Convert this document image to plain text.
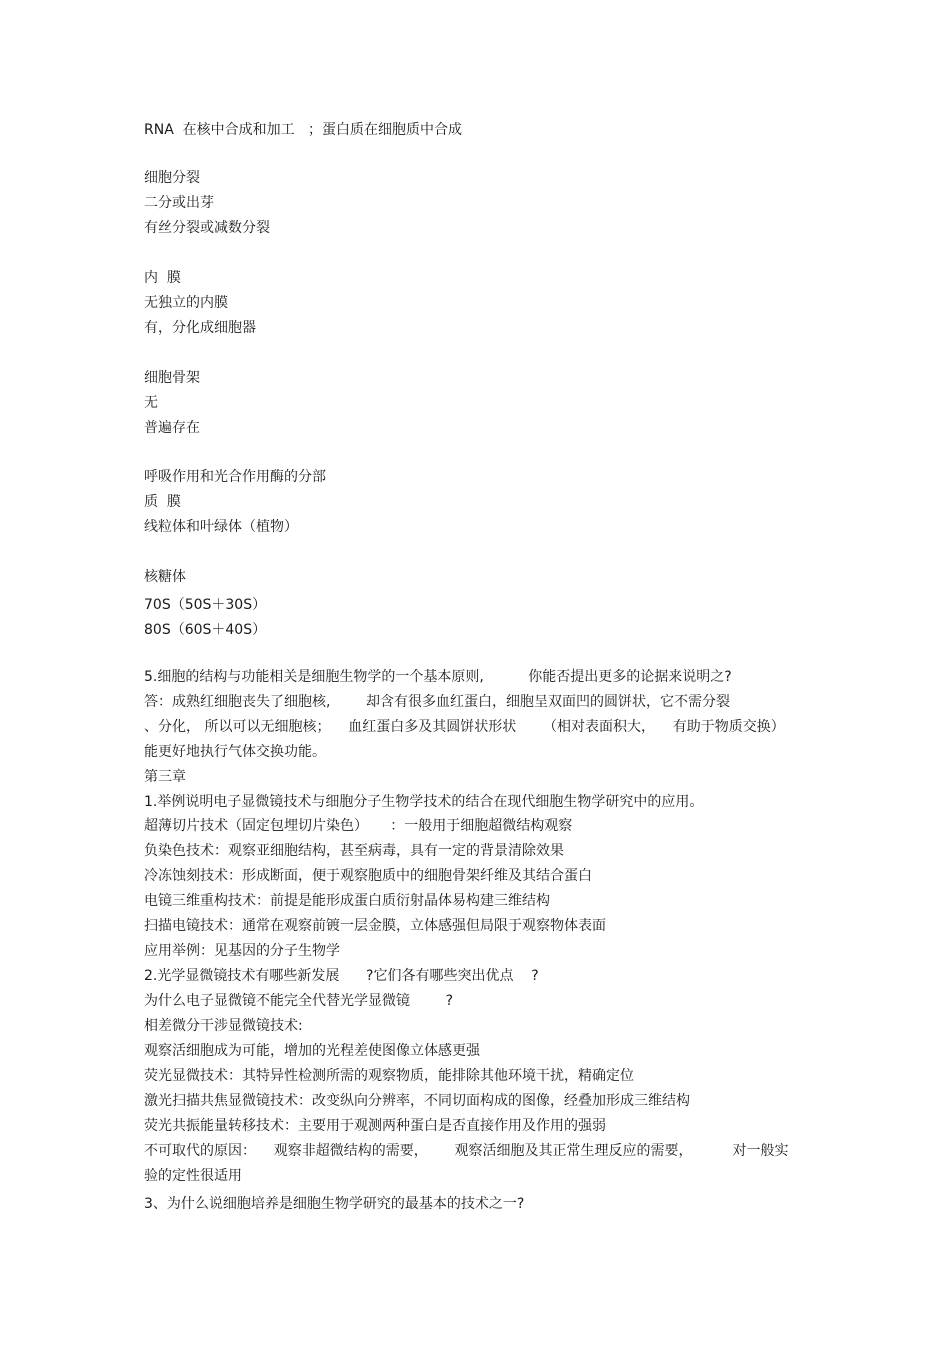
RNA  在核中合成和加工   ；蛋白质在细胞质中合成
细胞分裂
二分或出芽
有丝分裂或减数分裂
内  膜
无独立的内膜
有，分化成细胞器
细胞骨架
无
普遍存在
呼吸作用和光合作用酶的分部
质  膜
线粒体和叶绿体（植物）
核糖体
70S（50S＋30S）
80S（60S＋40S）
5.细胞的结构与功能相关是细胞生物学的一个基本原则,          你能否提出更多的论据来说明之?
答：成熟红细胞丧失了细胞核,        却含有很多血红蛋白，细胞呈双面凹的圆饼状，它不需分裂
、分化， 所以可以无细胞核；    血红蛋白多及其圆饼状形状      （相对表面积大，    有助于物质交换）
能更好地执行气体交换功能。
第三章
1.举例说明电子显微镜技术与细胞分子生物学技术的结合在现代细胞生物学研究中的应用。
超薄切片技术（固定包埋切片染色）     ：一般用于细胞超微结构观察
负染色技术：观察亚细胞结构，甚至病毒，具有一定的背景清除效果
冷冻蚀刻技术：形成断面，便于观察胞质中的细胞骨架纤维及其结合蛋白
电镜三维重构技术：前提是能形成蛋白质衍射晶体易构建三维结构
扫描电镜技术：通常在观察前镀一层金膜，立体感强但局限于观察物体表面
应用举例：见基因的分子生物学
2.光学显微镜技术有哪些新发展      ?它们各有哪些突出优点    ?
为什么电子显微镜不能完全代替光学显微镜        ?
相差微分干涉显微镜技术:
观察活细胞成为可能，增加的光程差使图像立体感更强
荧光显微技术：其特异性检测所需的观察物质，能排除其他环境干扰，精确定位
激光扫描共焦显微镜技术：改变纵向分辨率，不同切面构成的图像，经叠加形成三维结构
荧光共振能量转移技术：主要用于观测两种蛋白是否直接作用及作用的强弱
不可取代的原因：    观察非超微结构的需要，      观察活细胞及其正常生理反应的需要，         对一般实
验的定性很适用
3、为什么说细胞培养是细胞生物学研究的最基本的技术之一?
